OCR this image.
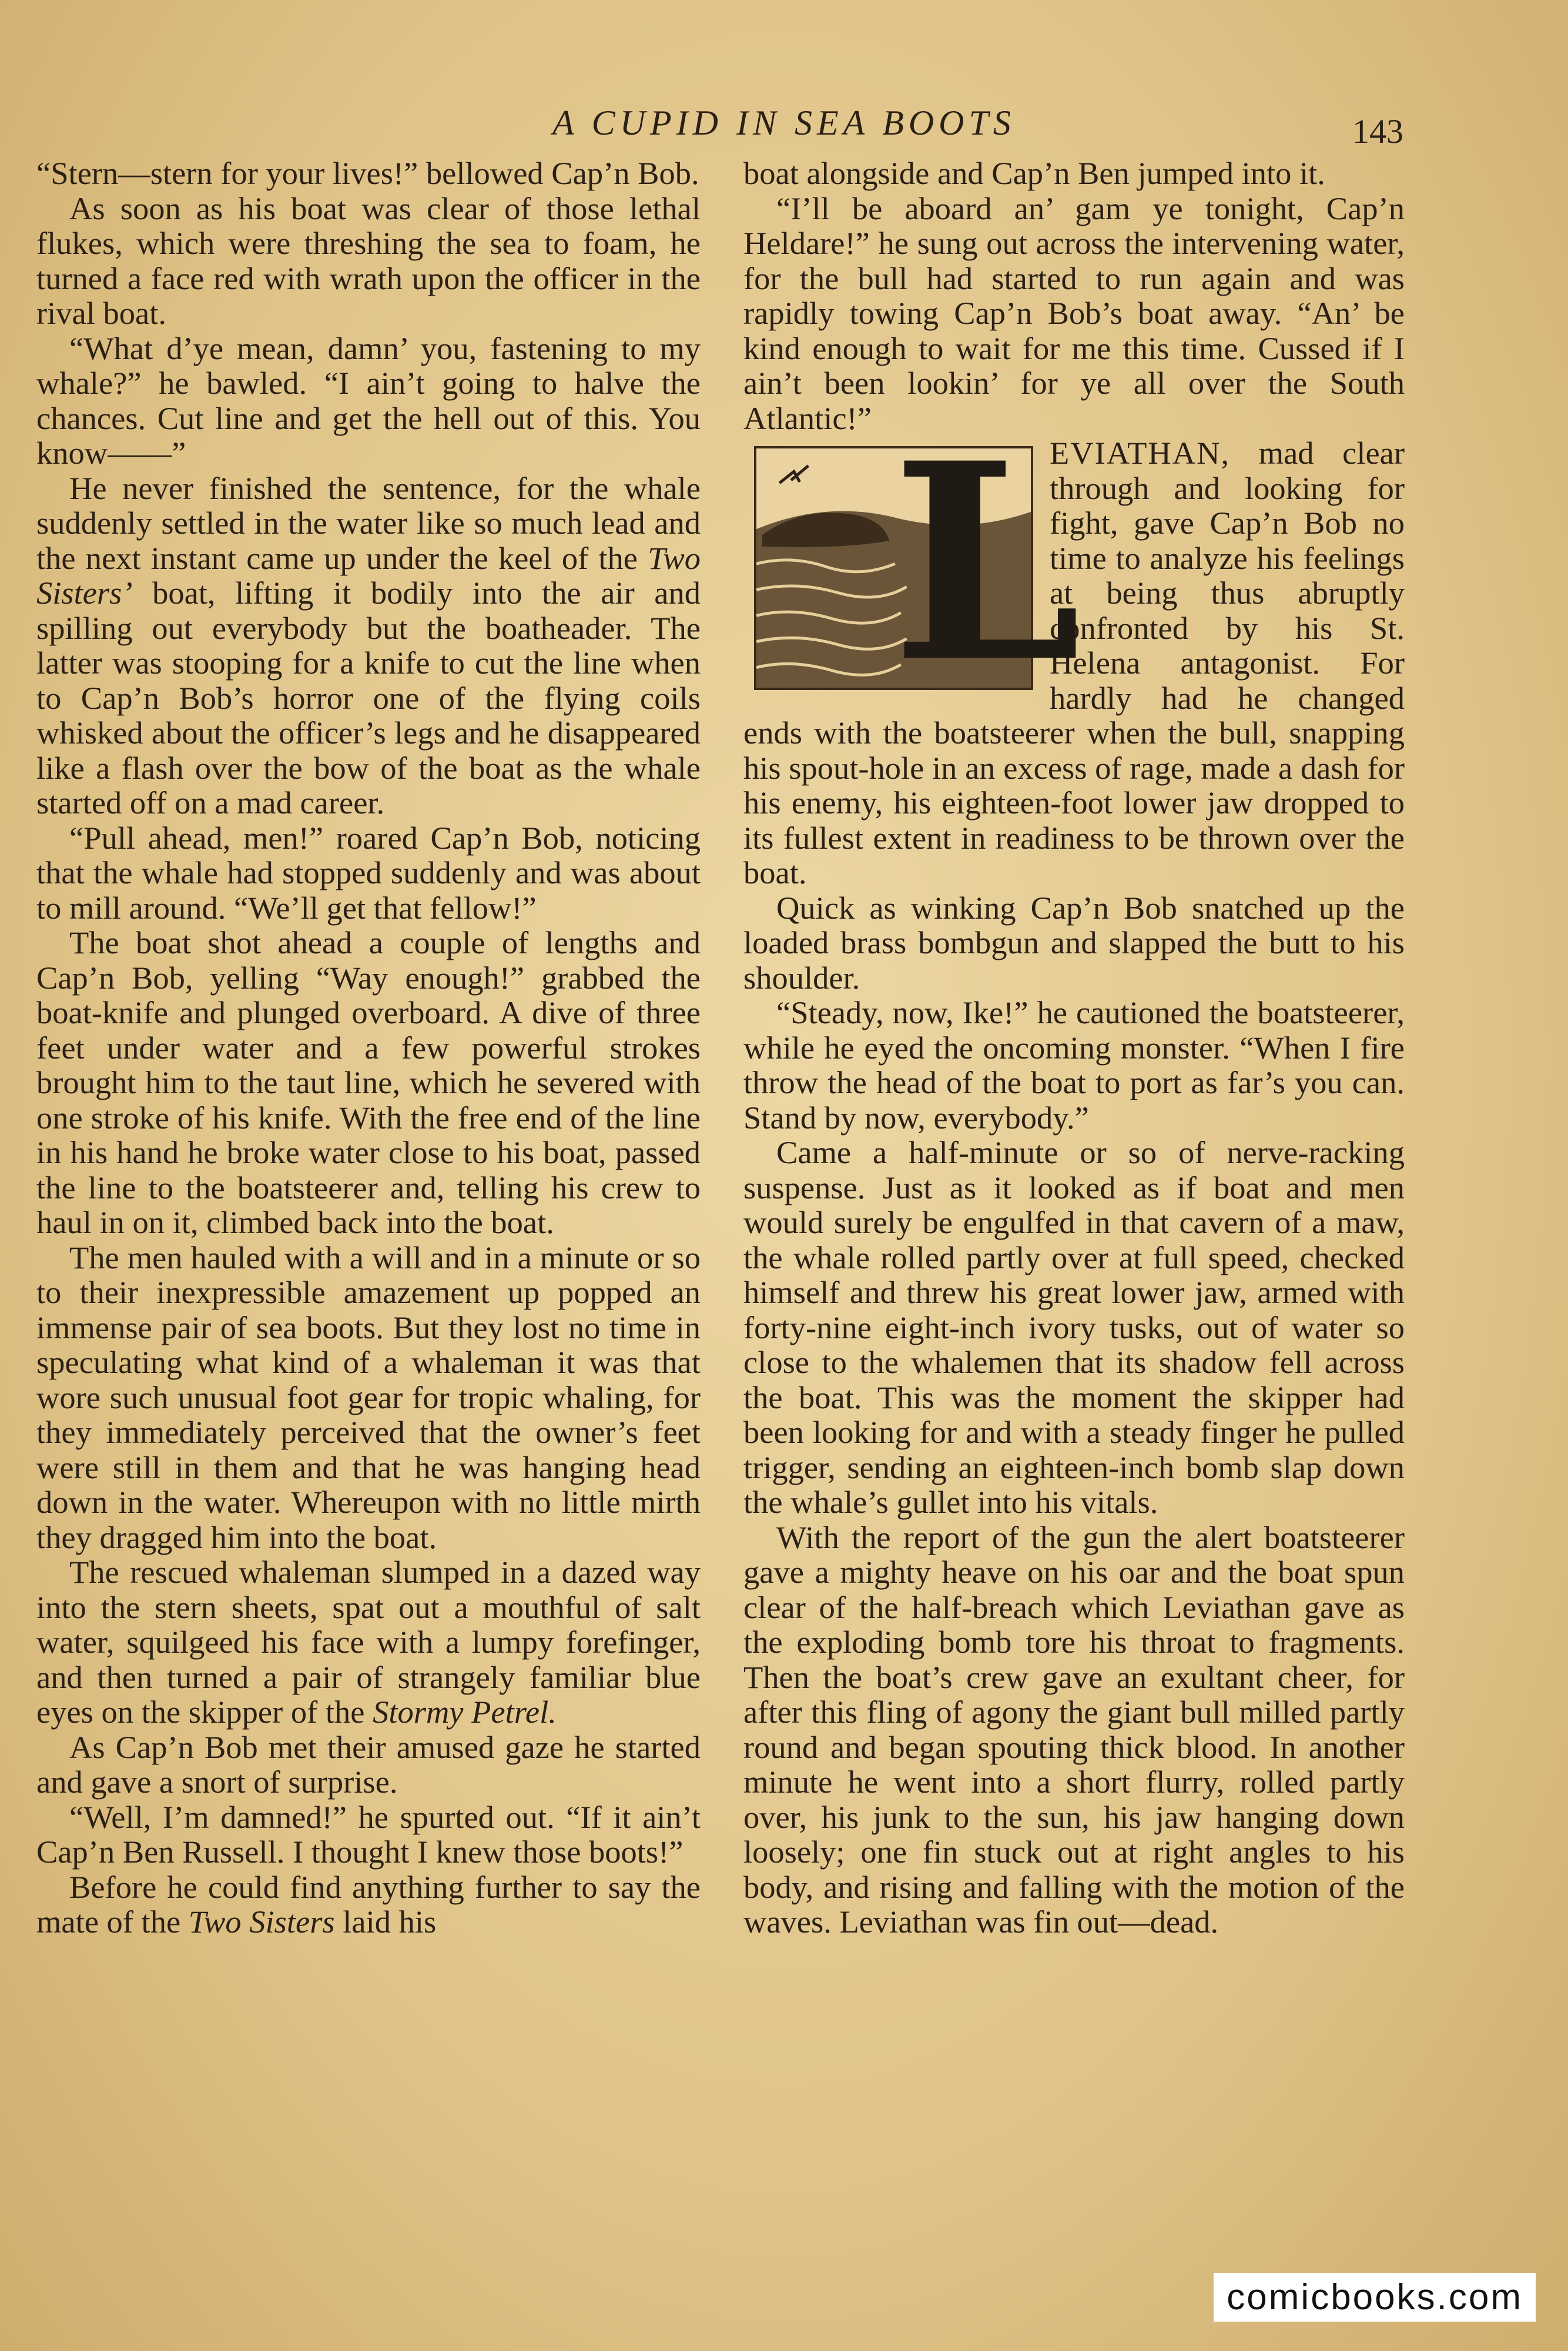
A CUPID IN SEA BOOTS	143

“Stern—stern for your lives!” bellowed Cap’n Bob.

As soon as his boat was clear of those lethal flukes, which were threshing the sea to foam, he turned a face red with wrath upon the officer in the rival boat.

“What d’ye mean, damn’ you, fastening to my whale?” he bawled. “I ain’t going to halve the chances. Cut line and get the hell out of this. You know——”

He never finished the sentence, for the whale suddenly settled in the water like so much lead and the next instant came up under the keel of the Two Sisters’ boat, lifting it bodily into the air and spilling out everybody but the boatheader. The latter was stooping for a knife to cut the line when to Cap’n Bob’s horror one of the flying coils whisked about the officer’s legs and he disappeared like a flash over the bow of the boat as the whale started off on a mad career.

“Pull ahead, men!” roared Cap’n Bob, noticing that the whale had stopped suddenly and was about to mill around. “We’ll get that fellow!”

The boat shot ahead a couple of lengths and Cap’n Bob, yelling “Way enough!” grabbed the boat-knife and plunged overboard. A dive of three feet under water and a few powerful strokes brought him to the taut line, which he severed with one stroke of his knife. With the free end of the line in his hand he broke water close to his boat, passed the line to the boatsteerer and, telling his crew to haul in on it, climbed back into the boat.

The men hauled with a will and in a minute or so to their inexpressible amazement up popped an immense pair of sea boots. But they lost no time in speculating what kind of a whaleman it was that wore such unusual foot gear for tropic whaling, for they immediately perceived that the owner’s feet were still in them and that he was hanging head down in the water. Whereupon with no little mirth they dragged him into the boat.

The rescued whaleman slumped in a dazed way into the stern sheets, spat out a mouthful of salt water, squilgeed his face with a lumpy forefinger, and then turned a pair of strangely familiar blue eyes on the skipper of the Stormy Petrel.

As Cap’n Bob met their amused gaze he started and gave a snort of surprise.

“Well, I’m damned!” he spurted out. “If it ain’t Cap’n Ben Russell. I thought I knew those boots!”

Before he could find anything further to say the mate of the Two Sisters laid his

boat alongside and Cap’n Ben jumped into it.

“I’ll be aboard an’ gam ye tonight, Cap’n Heldare!” he sung out across the intervening water, for the bull had started to run again and was rapidly towing Cap’n Bob’s boat away. “An’ be kind enough to wait for me this time. Cussed if I ain’t been lookin’ for ye all over the South Atlantic!” L
EVIATHAN, mad clear through and looking for fight, gave Cap’n Bob no time to analyze his feelings at being thus abruptly confronted by his St. Helena antagonist. For hardly had he changed ends with the boatsteerer when the bull, snapping his spout-hole in an excess of rage, made a dash for his enemy, his eighteen-foot lower jaw dropped to its fullest extent in readiness to be thrown over the boat.

Quick as winking Cap’n Bob snatched up the loaded brass bombgun and slapped the butt to his shoulder.

“Steady, now, Ike!” he cautioned the boatsteerer, while he eyed the oncoming monster. “When I fire throw the head of the boat to port as far’s you can. Stand by now, everybody.”

Came a half-minute or so of nerve-racking suspense. Just as it looked as if boat and men would surely be engulfed in that cavern of a maw, the whale rolled partly over at full speed, checked himself and threw his great lower jaw, armed with forty-nine eight-inch ivory tusks, out of water so close to the whalemen that its shadow fell across the boat. This was the moment the skipper had been looking for and with a steady finger he pulled trigger, sending an eighteen-inch bomb slap down the whale’s gullet into his vitals.

With the report of the gun the alert boatsteerer gave a mighty heave on his oar and the boat spun clear of the half-breach which Leviathan gave as the exploding bomb tore his throat to fragments. Then the boat’s crew gave an exultant cheer, for after this fling of agony the giant bull milled partly round and began spouting thick blood. In another minute he went into a short flurry, rolled partly over, his junk to the sun, his jaw hanging down loosely; one fin stuck out at right angles to his body, and rising and falling with the motion of the waves. Leviathan was fin out—dead.

comicbooks.com
